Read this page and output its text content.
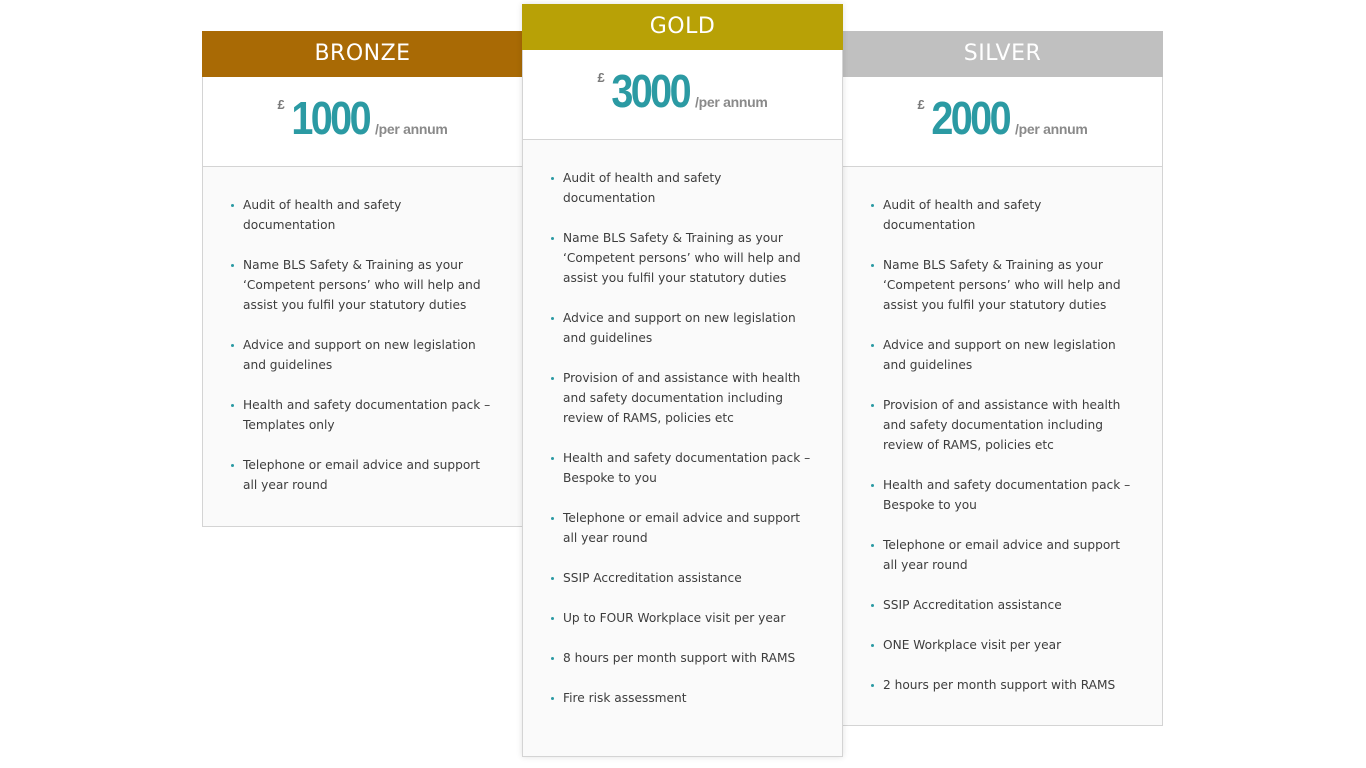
BRONZE
£ 1000 /per annum
Audit of health and safety documentation
Name BLS Safety & Training as your ‘Competent persons’ who will help and assist you fulfil your statutory duties
Advice and support on new legislation and guidelines
Health and safety documentation pack – Templates only
Telephone or email advice and support all year round
GOLD
£ 3000 /per annum
Audit of health and safety documentation
Name BLS Safety & Training as your ‘Competent persons’ who will help and assist you fulfil your statutory duties
Advice and support on new legislation and guidelines
Provision of and assistance with health and safety documentation including review of RAMS, policies etc
Health and safety documentation pack – Bespoke to you
Telephone or email advice and support all year round
SSIP Accreditation assistance
Up to FOUR Workplace visit per year
8 hours per month support with RAMS
Fire risk assessment
SILVER
£ 2000 /per annum
Audit of health and safety documentation
Name BLS Safety & Training as your ‘Competent persons’ who will help and assist you fulfil your statutory duties
Advice and support on new legislation and guidelines
Provision of and assistance with health and safety documentation including review of RAMS, policies etc
Health and safety documentation pack – Bespoke to you
Telephone or email advice and support all year round
SSIP Accreditation assistance
ONE Workplace visit per year
2 hours per month support with RAMS
